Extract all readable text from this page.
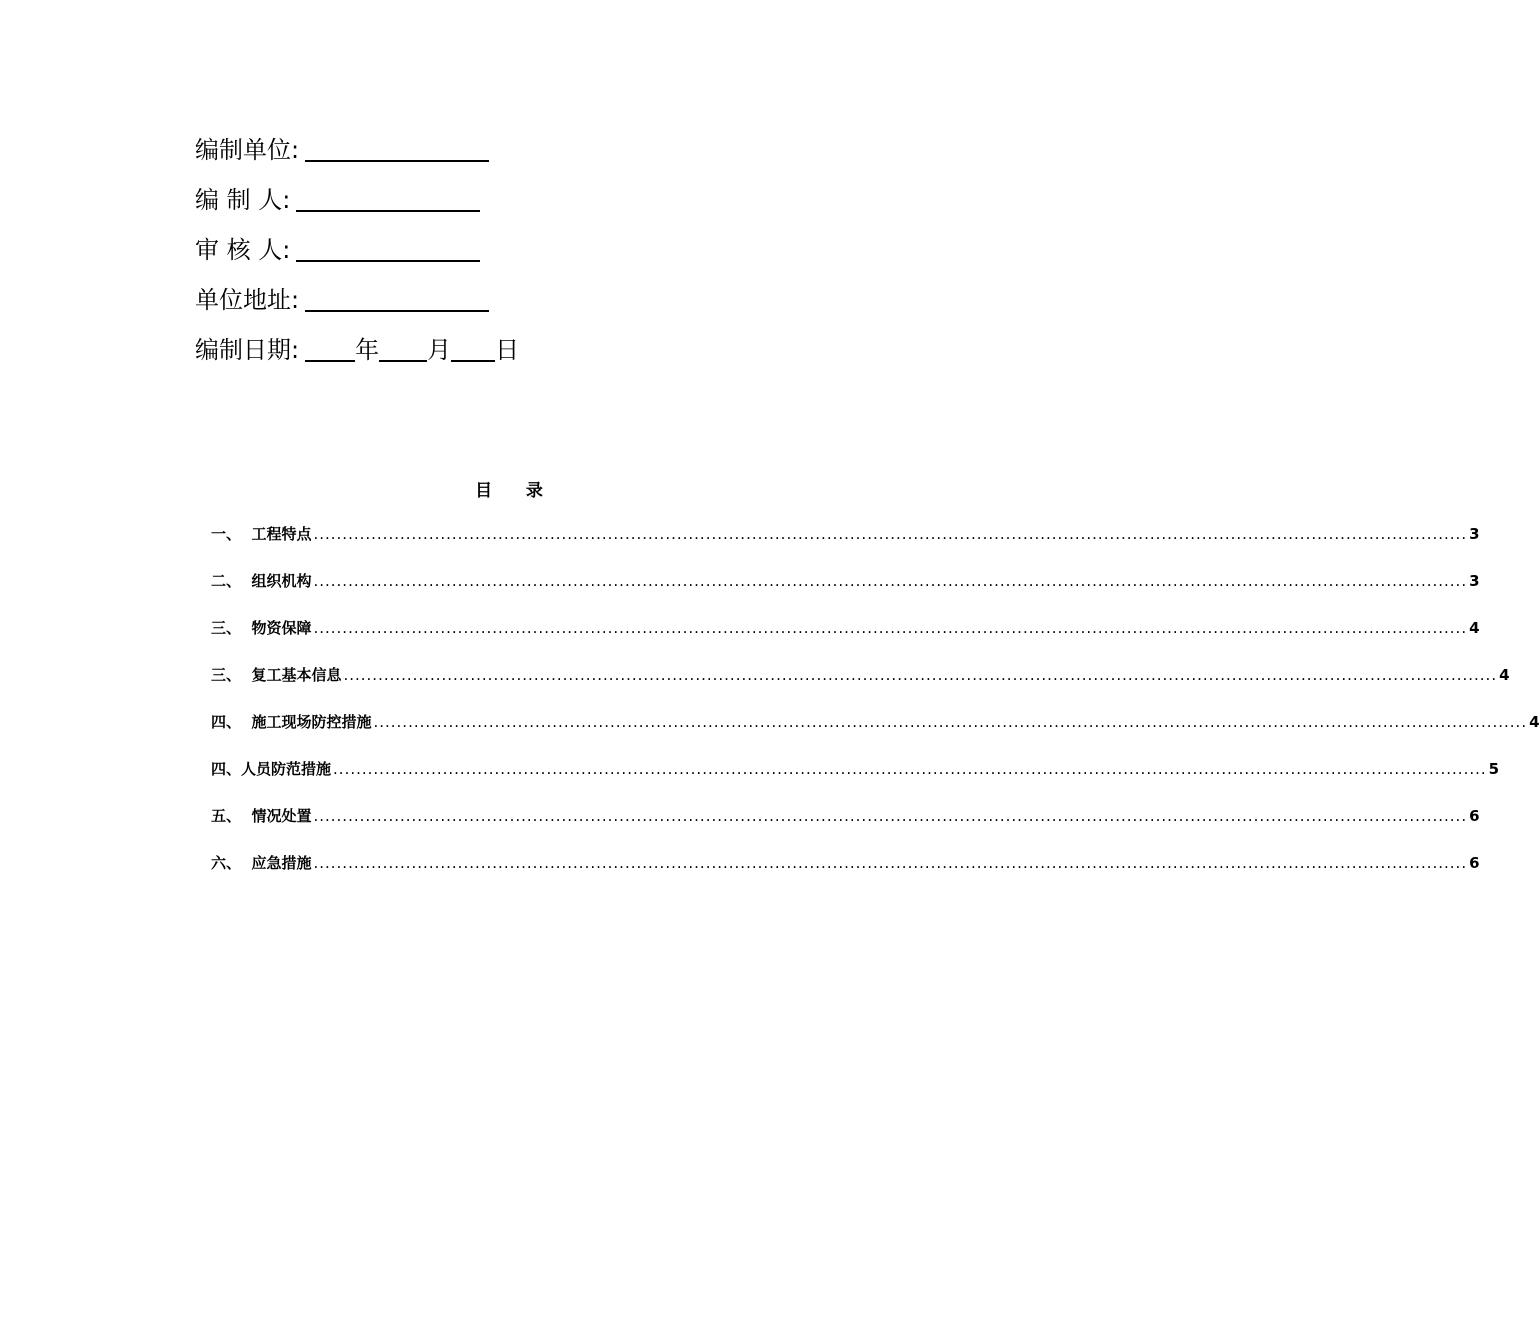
编制单位:
编 制 人:
审 核 人:
单位地址:
编制日期: 年 月 日
目    录
一、 工程特点 ........................................................................................................................................................................................................ 3
二、 组织机构 ........................................................................................................................................................................................................ 3
三、 物资保障 ........................................................................................................................................................................................................ 4
三、 复工基本信息 ........................................................................................................................................................................................................ 4
四、 施工现场防控措施 ........................................................................................................................................................................................................ 4
四、 人员防范措施 ........................................................................................................................................................................................................ 5
五、 情况处置 ........................................................................................................................................................................................................ 6
六、 应急措施 ........................................................................................................................................................................................................ 6
